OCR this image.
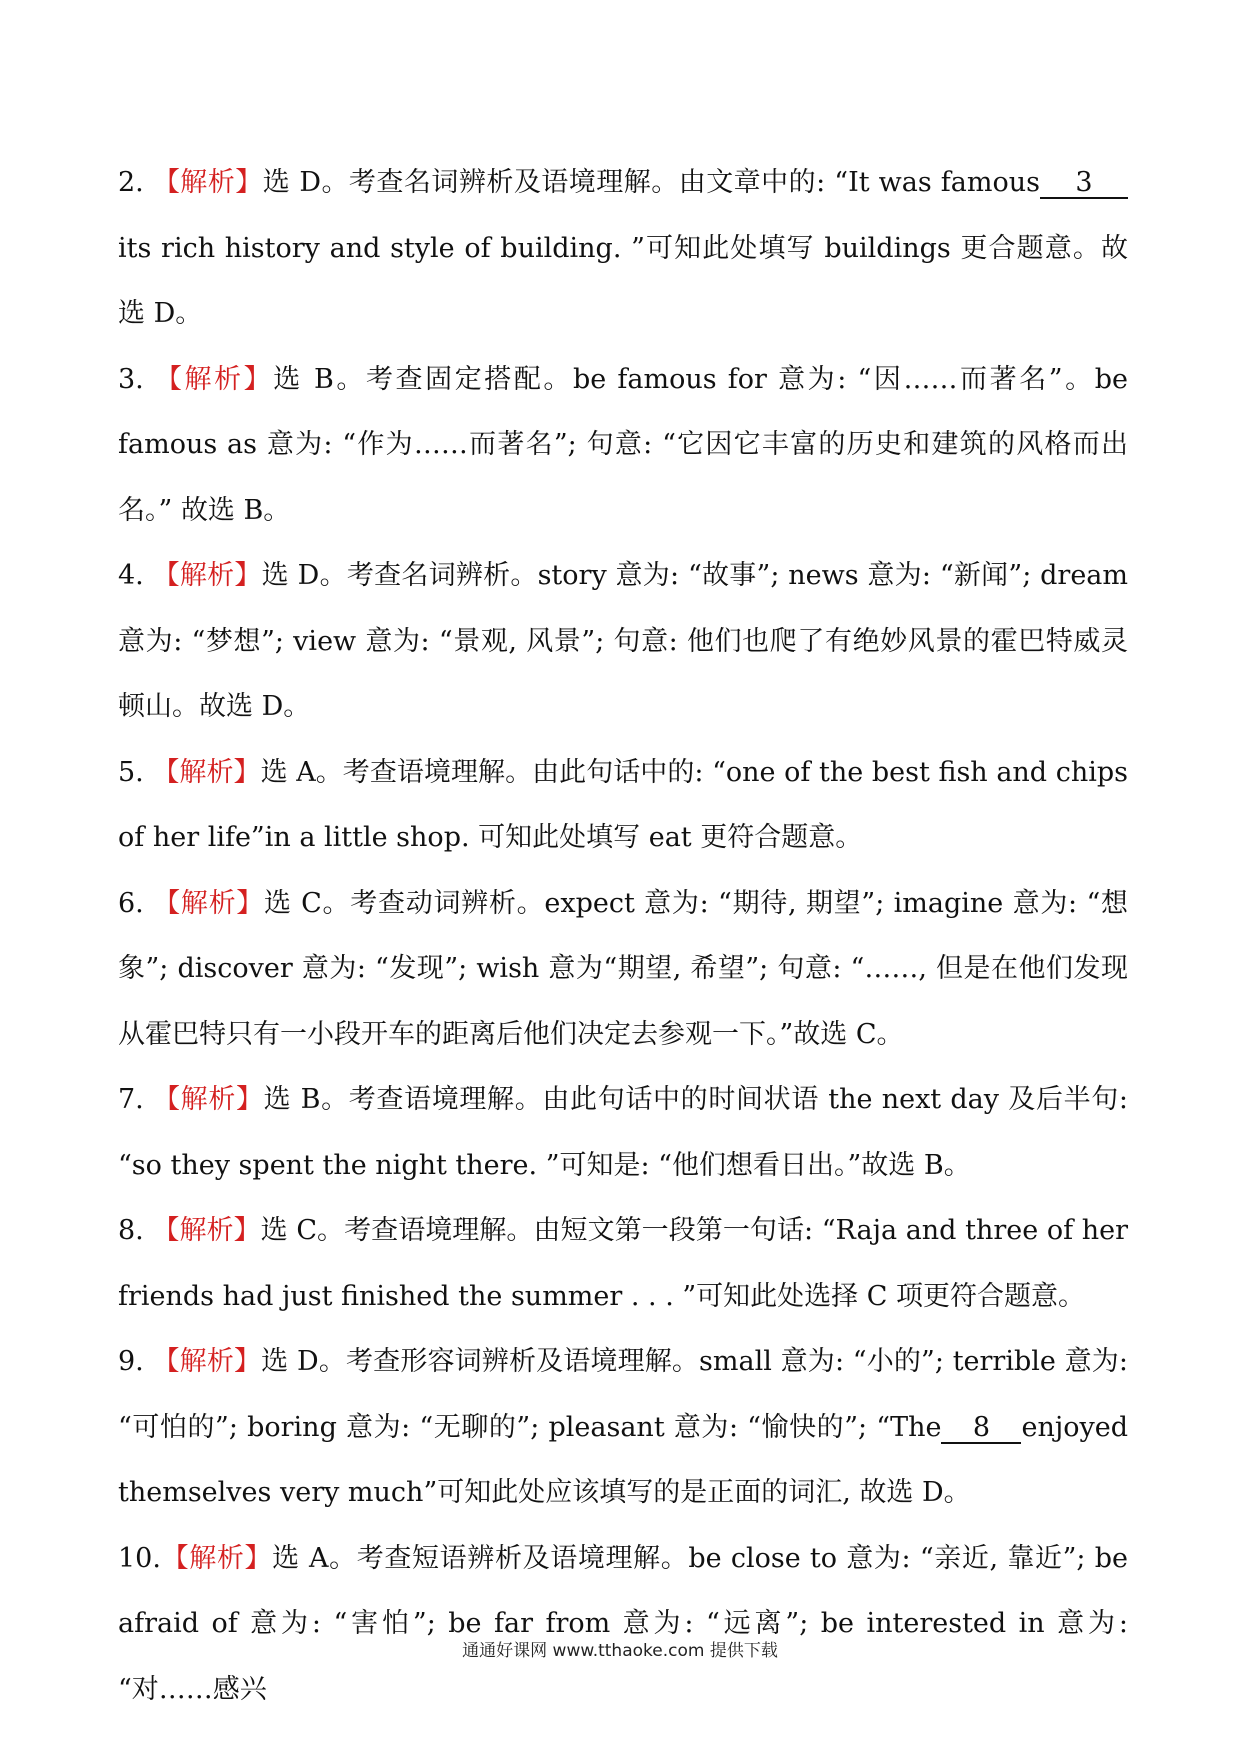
2. 【解析】选 D。考查名词辨析及语境理解。由文章中的: “It was famous 3its rich history and style of building. ”可知此处填写 buildings 更合题意。故选 D。

3. 【解析】选 B。考查固定搭配。be famous for 意为: “因……而著名”。be famous as 意为: “作为……而著名”; 句意: “它因它丰富的历史和建筑的风格而出名。” 故选 B。

4. 【解析】选 D。考查名词辨析。story 意为: “故事”; news 意为: “新闻”; dream 意为: “梦想”; view 意为: “景观, 风景”; 句意: 他们也爬了有绝妙风景的霍巴特威灵顿山。故选 D。

5. 【解析】选 A。考查语境理解。由此句话中的: “one of the best fish and chips of her life”in a little shop. 可知此处填写 eat 更符合题意。

6. 【解析】选 C。考查动词辨析。expect 意为: “期待, 期望”; imagine 意为: “想象”; discover 意为: “发现”; wish 意为“期望, 希望”; 句意: “……, 但是在他们发现从霍巴特只有一小段开车的距离后他们决定去参观一下。”故选 C。

7. 【解析】选 B。考查语境理解。由此句话中的时间状语 the next day 及后半句: “so they spent the night there. ”可知是: “他们想看日出。”故选 B。

8. 【解析】选 C。考查语境理解。由短文第一段第一句话: “Raja and three of her friends had just finished the summer . . . ”可知此处选择 C 项更符合题意。

9. 【解析】选 D。考查形容词辨析及语境理解。small 意为: “小的”; terrible 意为: “可怕的”; boring 意为: “无聊的”; pleasant 意为: “愉快的”; “The 8 enjoyed themselves very much”可知此处应该填写的是正面的词汇, 故选 D。

10.【解析】选 A。考查短语辨析及语境理解。be close to 意为: “亲近, 靠近”; be afraid of 意为: “害怕”; be far from 意为: “远离”; be interested in 意为: “对……感兴

通通好课网 www.tthaoke.com 提供下载
